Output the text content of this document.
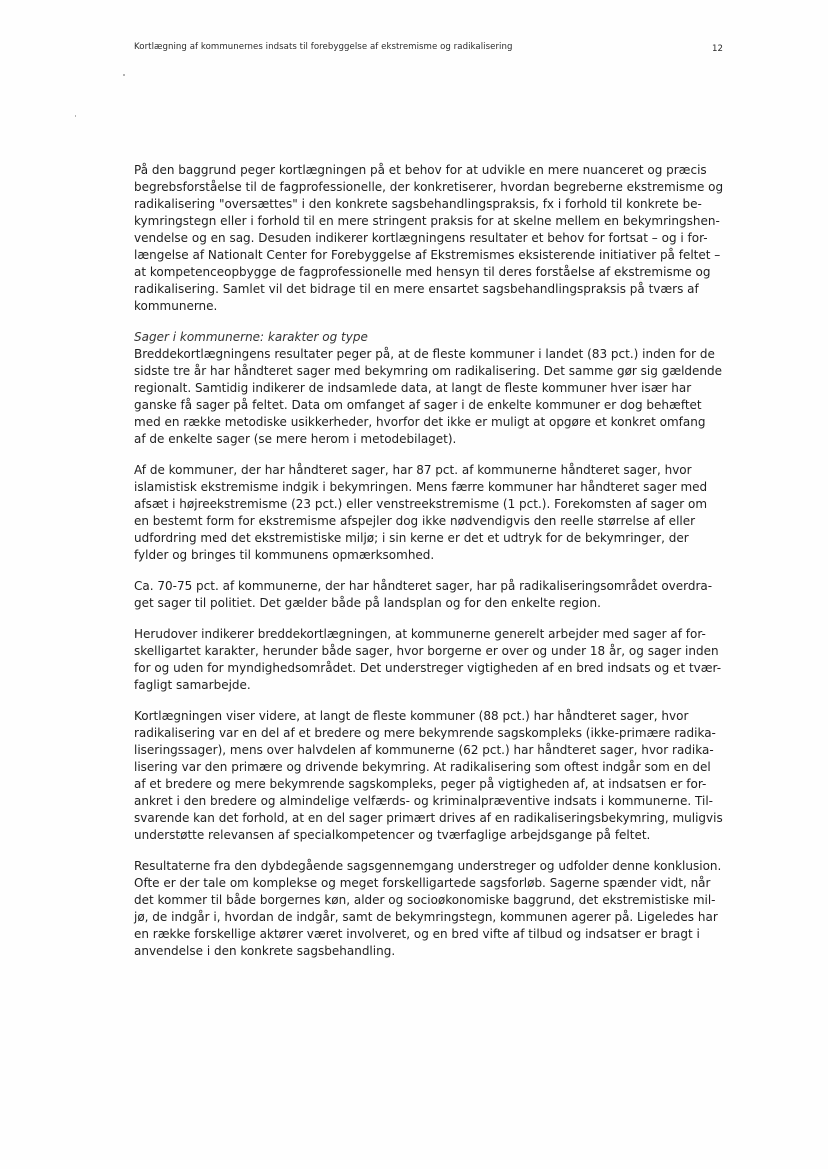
Kortlægning af kommunernes indsats til forebyggelse af ekstremisme og radikalisering	12

På den baggrund peger kortlægningen på et behov for at udvikle en mere nuanceret og præcis
begrebsforståelse til de fagprofessionelle, der konkretiserer, hvordan begreberne ekstremisme og
radikalisering "oversættes" i den konkrete sagsbehandlingspraksis, fx i forhold til konkrete be-
kymringstegn eller i forhold til en mere stringent praksis for at skelne mellem en bekymringshen-
vendelse og en sag. Desuden indikerer kortlægningens resultater et behov for fortsat – og i for-
længelse af Nationalt Center for Forebyggelse af Ekstremismes eksisterende initiativer på feltet –
at kompetenceopbygge de fagprofessionelle med hensyn til deres forståelse af ekstremisme og
radikalisering. Samlet vil det bidrage til en mere ensartet sagsbehandlingspraksis på tværs af
kommunerne.

Sager i kommunerne: karakter og type
Breddekortlægningens resultater peger på, at de fleste kommuner i landet (83 pct.) inden for de
sidste tre år har håndteret sager med bekymring om radikalisering. Det samme gør sig gældende
regionalt. Samtidig indikerer de indsamlede data, at langt de fleste kommuner hver især har
ganske få sager på feltet. Data om omfanget af sager i de enkelte kommuner er dog behæftet
med en række metodiske usikkerheder, hvorfor det ikke er muligt at opgøre et konkret omfang
af de enkelte sager (se mere herom i metodebilaget).

Af de kommuner, der har håndteret sager, har 87 pct. af kommunerne håndteret sager, hvor
islamistisk ekstremisme indgik i bekymringen. Mens færre kommuner har håndteret sager med
afsæt i højreekstremisme (23 pct.) eller venstreekstremisme (1 pct.). Forekomsten af sager om
en bestemt form for ekstremisme afspejler dog ikke nødvendigvis den reelle størrelse af eller
udfordring med det ekstremistiske miljø; i sin kerne er det et udtryk for de bekymringer, der
fylder og bringes til kommunens opmærksomhed.

Ca. 70-75 pct. af kommunerne, der har håndteret sager, har på radikaliseringsområdet overdra-
get sager til politiet. Det gælder både på landsplan og for den enkelte region.

Herudover indikerer breddekortlægningen, at kommunerne generelt arbejder med sager af for-
skelligartet karakter, herunder både sager, hvor borgerne er over og under 18 år, og sager inden
for og uden for myndighedsområdet. Det understreger vigtigheden af en bred indsats og et tvær-
fagligt samarbejde.

Kortlægningen viser videre, at langt de fleste kommuner (88 pct.) har håndteret sager, hvor
radikalisering var en del af et bredere og mere bekymrende sagskompleks (ikke-primære radika-
liseringssager), mens over halvdelen af kommunerne (62 pct.) har håndteret sager, hvor radika-
lisering var den primære og drivende bekymring. At radikalisering som oftest indgår som en del
af et bredere og mere bekymrende sagskompleks, peger på vigtigheden af, at indsatsen er for-
ankret i den bredere og almindelige velfærds- og kriminalpræventive indsats i kommunerne. Til-
svarende kan det forhold, at en del sager primært drives af en radikaliseringsbekymring, muligvis
understøtte relevansen af specialkompetencer og tværfaglige arbejdsgange på feltet.

Resultaterne fra den dybdegående sagsgennemgang understreger og udfolder denne konklusion.
Ofte er der tale om komplekse og meget forskelligartede sagsforløb. Sagerne spænder vidt, når
det kommer til både borgernes køn, alder og socioøkonomiske baggrund, det ekstremistiske mil-
jø, de indgår i, hvordan de indgår, samt de bekymringstegn, kommunen agerer på. Ligeledes har
en række forskellige aktører været involveret, og en bred vifte af tilbud og indsatser er bragt i
anvendelse i den konkrete sagsbehandling.
